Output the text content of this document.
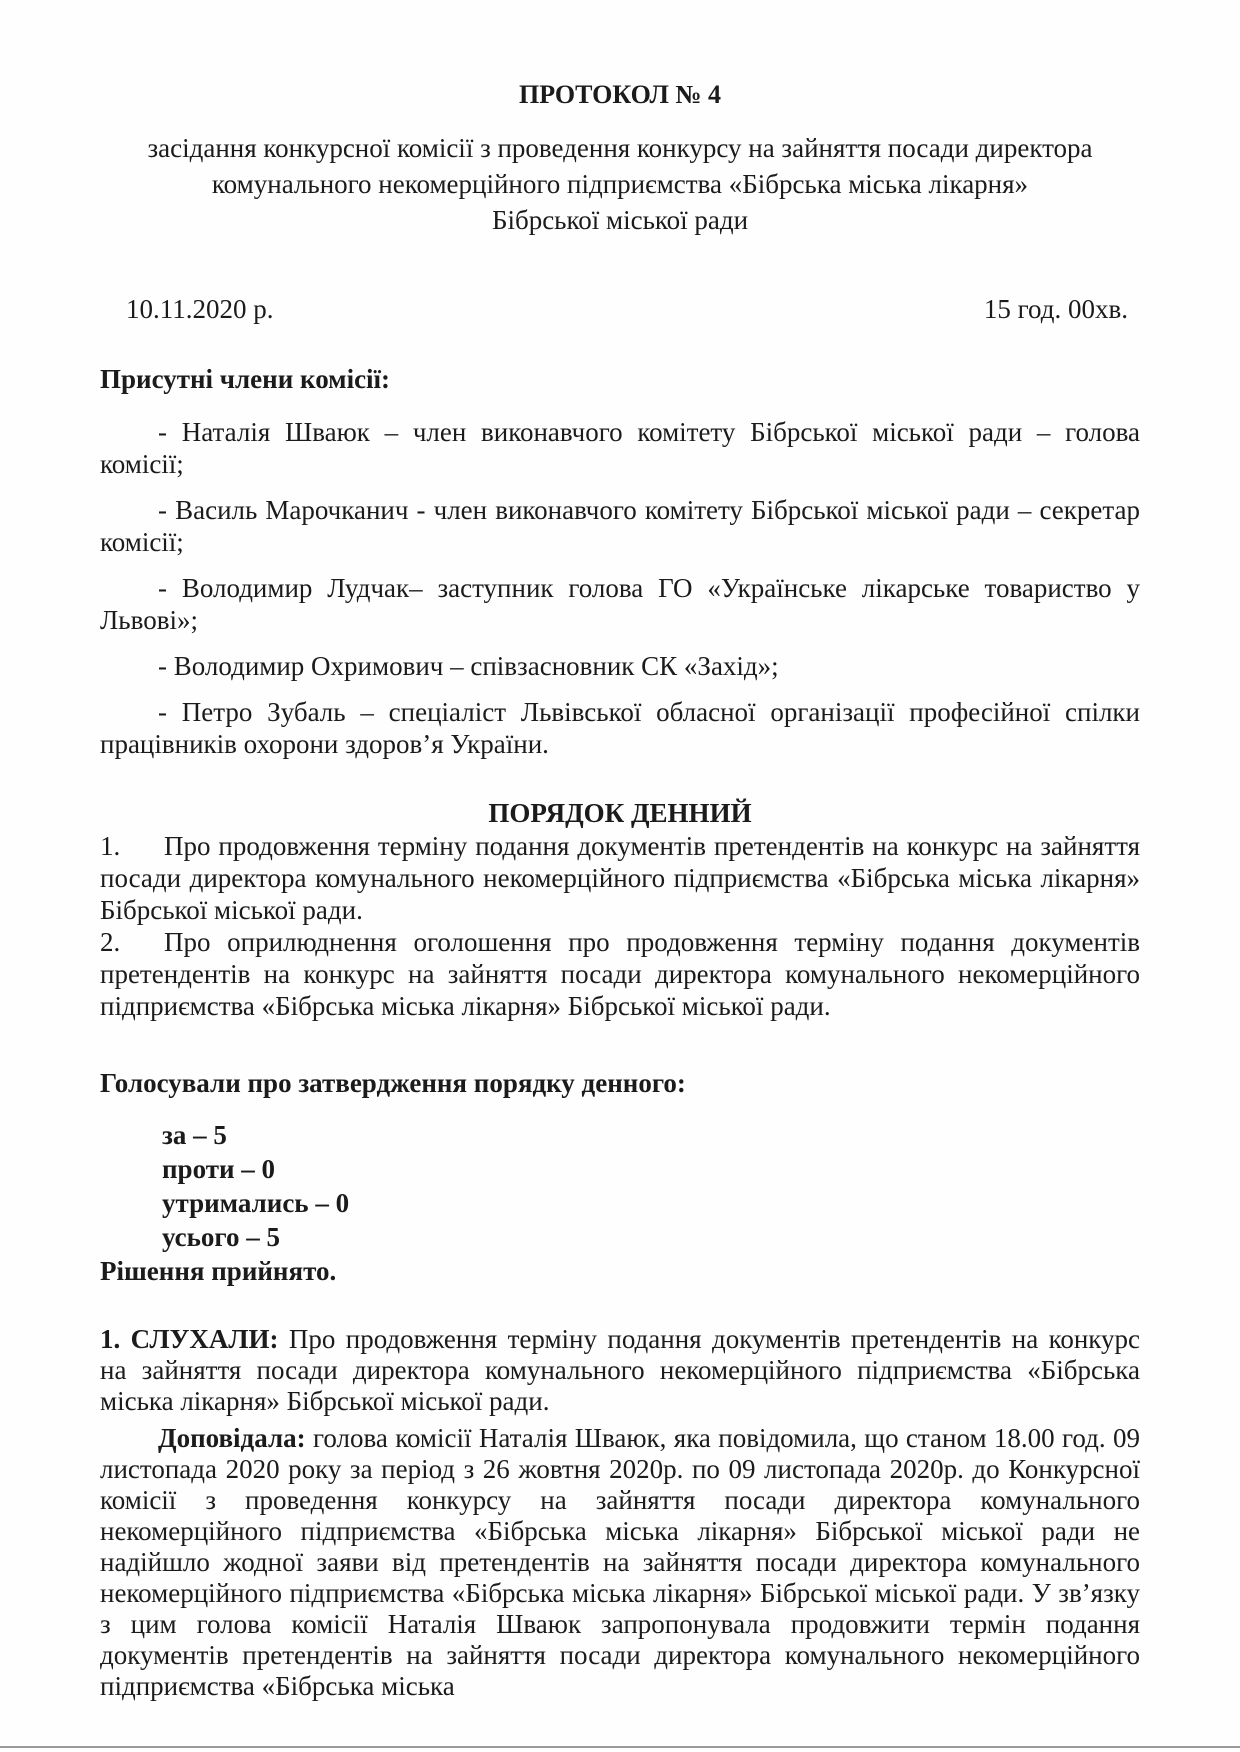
ПРОТОКОЛ № 4

засідання конкурсної комісії з проведення конкурсу на зайняття посади директора

комунального некомерційного підприємства «Бібрська міська лікарня»

Бібрської міської ради

10.11.2020 р.	15 год. 00хв.
Присутні члени комісії:

- Наталія Шваюк – член виконавчого комітету Бібрської міської ради – голова комісії;

- Василь Марочканич - член виконавчого комітету Бібрської міської ради – секретар комісії;

- Володимир Лудчак– заступник голова ГО «Українське лікарське товариство у Львові»;

- Володимир Охримович – співзасновник СК «Захід»;

- Петро Зубаль – спеціаліст Львівської обласної організації професійної спілки працівників охорони здоров’я України.

ПОРЯДОК ДЕННИЙ

1. Про продовження терміну подання документів претендентів на конкурс на зайняття посади директора комунального некомерційного підприємства «Бібрська міська лікарня» Бібрської міської ради.

2. Про оприлюднення оголошення про продовження терміну подання документів претендентів на конкурс на зайняття посади директора комунального некомерційного підприємства «Бібрська міська лікарня» Бібрської міської ради.

Голосували про затвердження порядку денного:
за – 5
проти – 0
утримались – 0
усього – 5
Рішення прийнято.
1. СЛУХАЛИ: Про продовження терміну подання документів претендентів на конкурс на зайняття посади директора комунального некомерційного підприємства «Бібрська міська лікарня» Бібрської міської ради.
Доповідала: голова комісії Наталія Шваюк, яка повідомила, що станом 18.00 год. 09 листопада 2020 року за період з 26 жовтня 2020р. по 09 листопада 2020р. до Конкурсної комісії з проведення конкурсу на зайняття посади директора комунального некомерційного підприємства «Бібрська міська лікарня» Бібрської міської ради не надійшло жодної заяви від претендентів на зайняття посади директора комунального некомерційного підприємства «Бібрська міська лікарня» Бібрської міської ради. У зв’язку з цим голова комісії Наталія Шваюк запропонувала продовжити термін подання документів претендентів на зайняття посади директора комунального некомерційного підприємства «Бібрська міська
